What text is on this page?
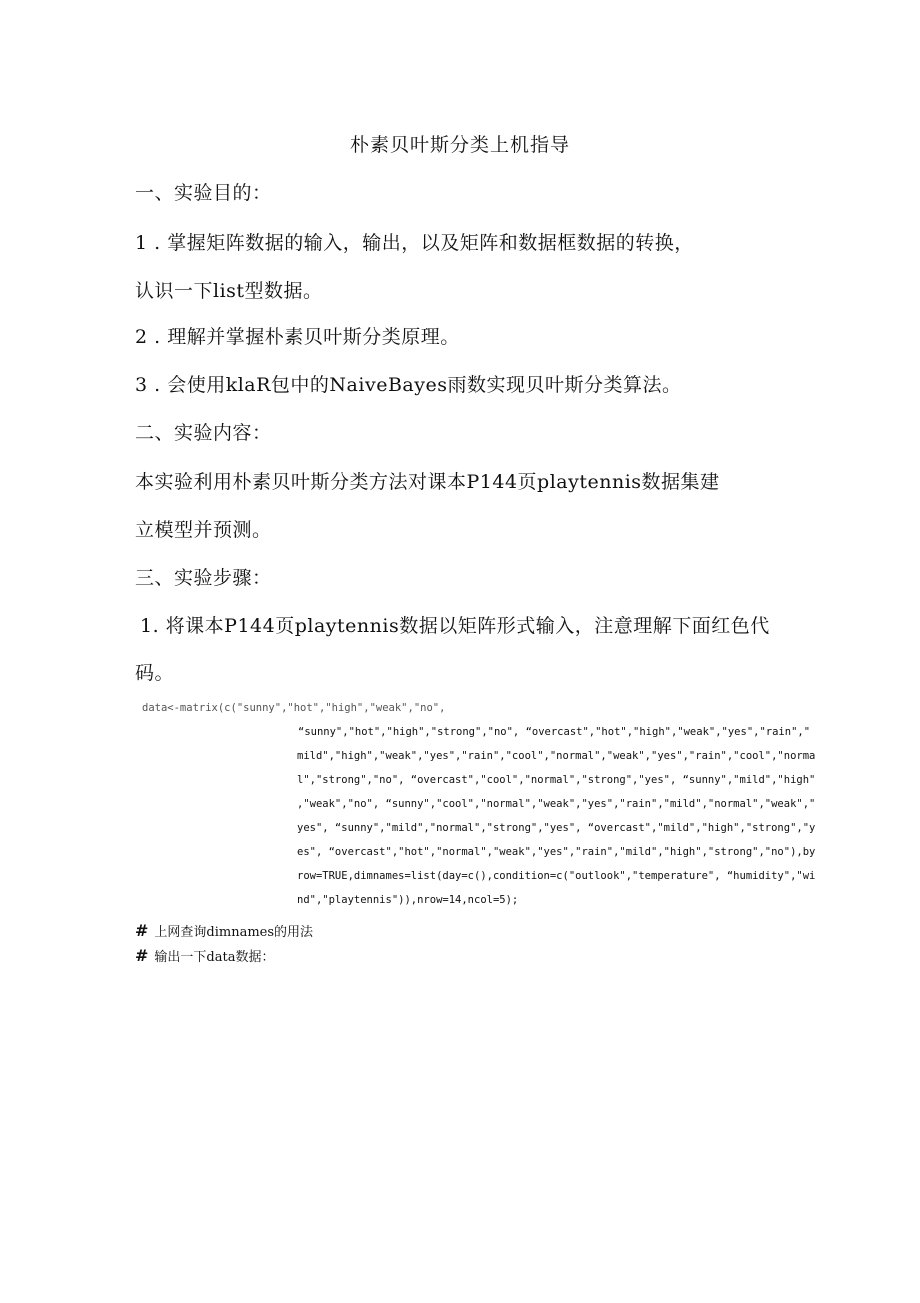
朴素贝叶斯分类上机指导
一、实验目的：
1 . 掌握矩阵数据的输入，输出，以及矩阵和数据框数据的转换，
认识一下list型数据。
2 . 理解并掌握朴素贝叶斯分类原理。
3 . 会使用klaR包中的NaiveBayes雨数实现贝叶斯分类算法。
二、实验内容：
本实验利用朴素贝叶斯分类方法对课本P144页playtennis数据集建
立模型并预测。
三、实验步骤：
1. 将课本P144页playtennis数据以矩阵形式输入，注意理解下面红色代
码。
data<-matrix(c("sunny","hot","high","weak","no",
“sunny","hot","high","strong","no", “overcast","hot","high","weak","yes","rain","
mild","high","weak","yes","rain","cool","normal","weak","yes","rain","cool","norma
l","strong","no", “overcast","cool","normal","strong","yes", “sunny","mild","high"
,"weak","no", “sunny","cool","normal","weak","yes","rain","mild","normal","weak","
yes", “sunny","mild","normal","strong","yes", “overcast","mild","high","strong","y
es", “overcast","hot","normal","weak","yes","rain","mild","high","strong","no"),by
row=TRUE,dimnames=list(day=c(),condition=c("outlook","temperature", “humidity","wi
nd","playtennis")),nrow=14,ncol=5);
# 上网查询dimnames的用法
# 输出一下data数据：
